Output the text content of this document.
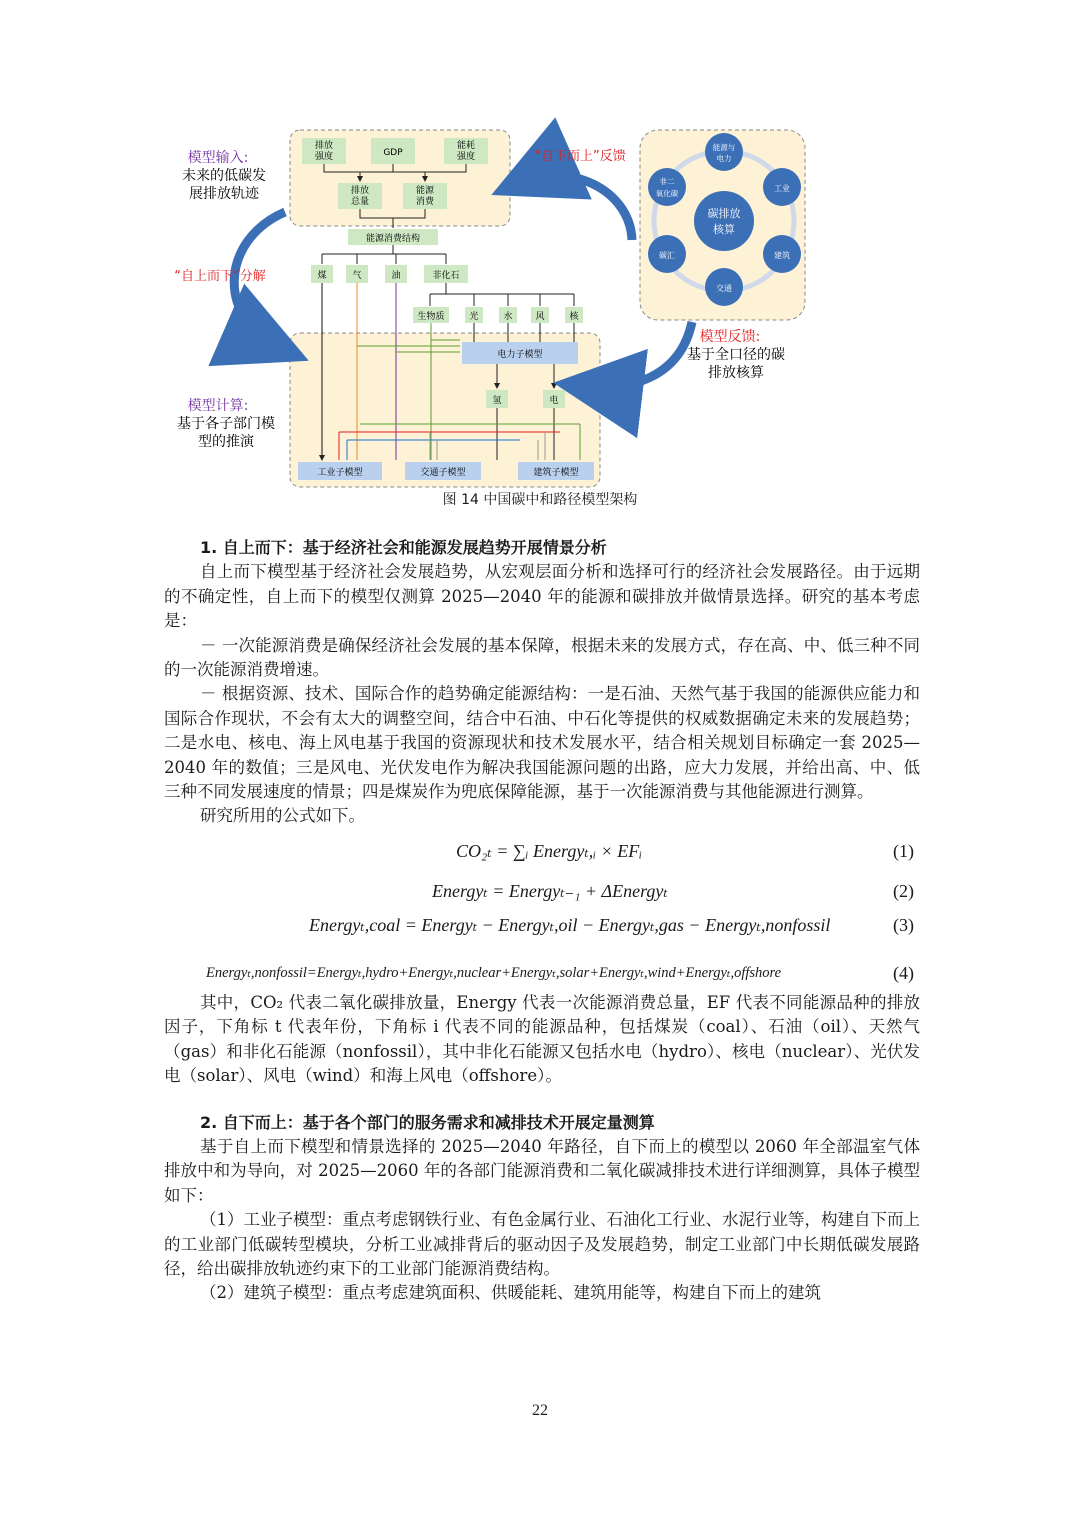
排放
强度	GDP
能耗
强度
排放
总量
能源
消费
能源消费结构
煤	气	油	非化石
生物质	光	水	风	核
电力子模型
氢	电
工业子模型	交通子模型	建筑子模型
碳排放
核算
能源与
电力
工业
建筑
交通
碳汇
非二
氧化碳
模型输入:
未来的低碳发
展排放轨迹
“自上而下”分解
“自下而上”反馈
模型计算:
基于各子部门模
型的推演
模型反馈:
基于全口径的碳
排放核算
图 14 中国碳中和路径模型架构

1. 自上而下：基于经济社会和能源发展趋势开展情景分析

自上而下模型基于经济社会发展趋势，从宏观层面分析和选择可行的经济社会发展路径。由于远期的不确定性，自上而下的模型仅测算 2025—2040 年的能源和碳排放并做情景选择。研究的基本考虑是：

－ 一次能源消费是确保经济社会发展的基本保障，根据未来的发展方式，存在高、中、低三种不同的一次能源消费增速。

－ 根据资源、技术、国际合作的趋势确定能源结构：一是石油、天然气基于我国的能源供应能力和国际合作现状，不会有太大的调整空间，结合中石油、中石化等提供的权威数据确定未来的发展趋势；二是水电、核电、海上风电基于我国的资源现状和技术发展水平，结合相关规划目标确定一套 2025—2040 年的数值；三是风电、光伏发电作为解决我国能源问题的出路，应大力发展，并给出高、中、低三种不同发展速度的情景；四是煤炭作为兜底保障能源，基于一次能源消费与其他能源进行测算。

研究所用的公式如下。

CO₂ₜ = ∑ᵢ Energyₜ,ᵢ × EFᵢ	(1)
Energyₜ = Energyₜ₋₁ + ΔEnergyₜ	(2)
Energyₜ,coal = Energyₜ − Energyₜ,oil − Energyₜ,gas − Energyₜ,nonfossil	(3)
Energyₜ,nonfossil=Energyₜ,hydro+Energyₜ,nuclear+Energyₜ,solar+Energyₜ,wind+Energyₜ,offshore	(4)

其中，CO₂ 代表二氧化碳排放量，Energy 代表一次能源消费总量，EF 代表不同能源品种的排放因子，下角标 t 代表年份，下角标 i 代表不同的能源品种，包括煤炭（coal）、石油（oil）、天然气（gas）和非化石能源（nonfossil），其中非化石能源又包括水电（hydro）、核电（nuclear）、光伏发电（solar）、风电（wind）和海上风电（offshore）。

2. 自下而上：基于各个部门的服务需求和减排技术开展定量测算

基于自上而下模型和情景选择的 2025—2040 年路径，自下而上的模型以 2060 年全部温室气体排放中和为导向，对 2025—2060 年的各部门能源消费和二氧化碳减排技术进行详细测算，具体子模型如下：

（1）工业子模型：重点考虑钢铁行业、有色金属行业、石油化工行业、水泥行业等，构建自下而上的工业部门低碳转型模块，分析工业减排背后的驱动因子及发展趋势，制定工业部门中长期低碳发展路径，给出碳排放轨迹约束下的工业部门能源消费结构。

（2）建筑子模型：重点考虑建筑面积、供暖能耗、建筑用能等，构建自下而上的建筑

22
